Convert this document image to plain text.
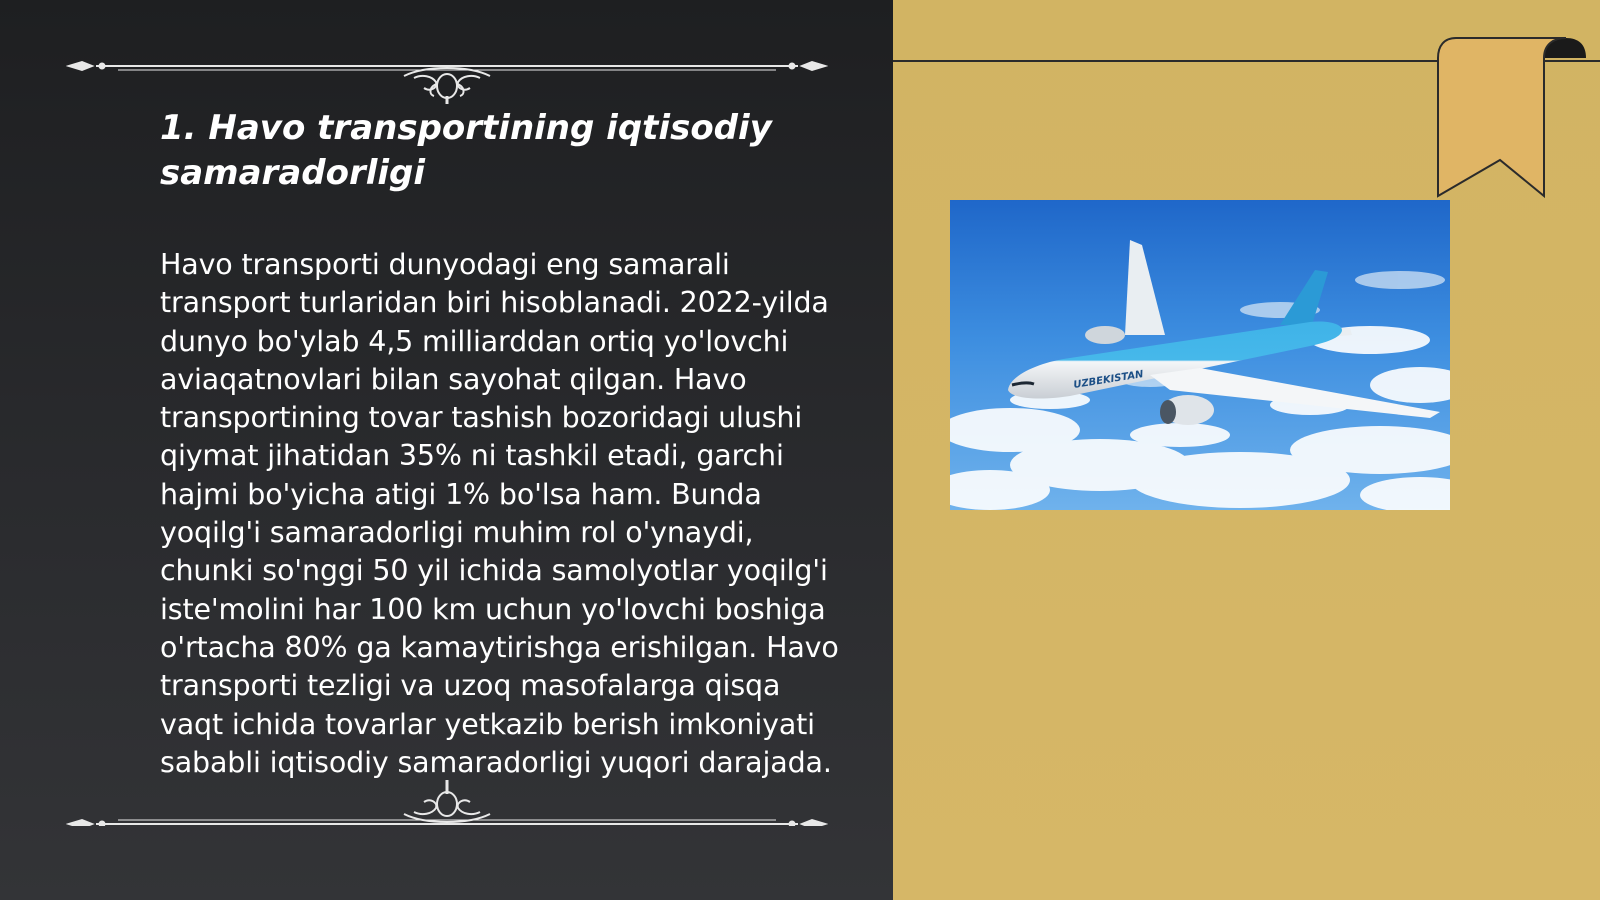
1. Havo transportining iqtisodiy samaradorligi

Havo transporti dunyodagi eng samarali transport turlaridan biri hisoblanadi. 2022-yilda dunyo bo'ylab 4,5 milliarddan ortiq yo'lovchi aviaqatnovlari bilan sayohat qilgan. Havo transportining tovar tashish bozoridagi ulushi qiymat jihatidan 35% ni tashkil etadi, garchi hajmi bo'yicha atigi 1% bo'lsa ham. Bunda yoqilg'i samaradorligi muhim rol o'ynaydi, chunki so'nggi 50 yil ichida samolyotlar yoqilg'i iste'molini har 100 km uchun yo'lovchi boshiga o'rtacha 80% ga kamaytirishga erishilgan. Havo transporti tezligi va uzoq masofalarga qisqa vaqt ichida tovarlar yetkazib berish imkoniyati sababli iqtisodiy samaradorligi yuqori darajada.

UZBEKISTAN
